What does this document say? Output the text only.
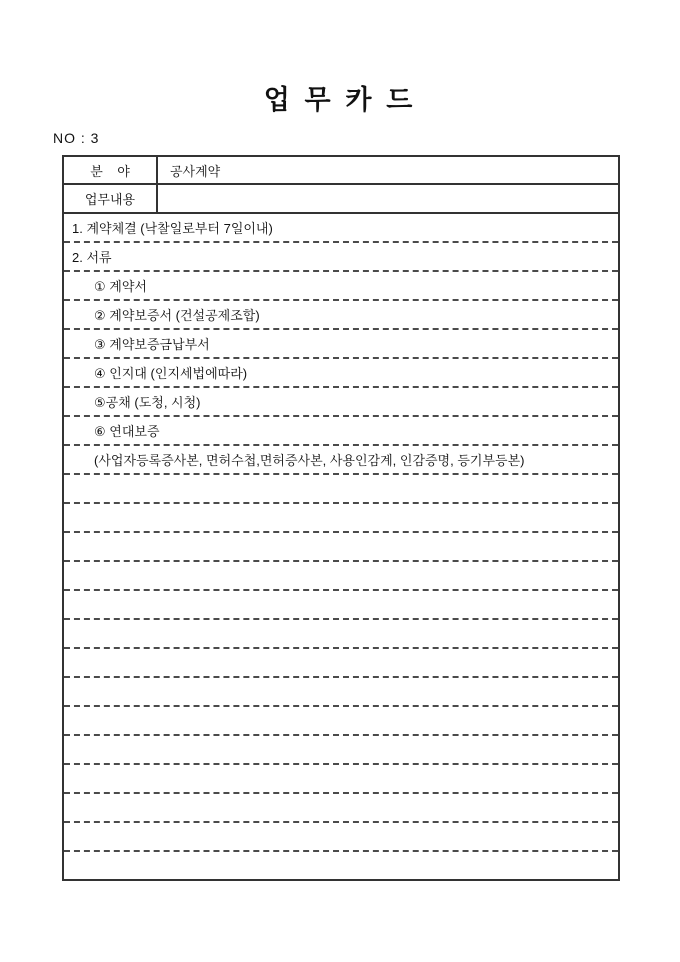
업 무 카 드
NO : 3
분    야	공사계약
업무내용
1. 계약체결 (낙찰일로부터 7일이내)
2. 서류
① 계약서
② 계약보증서 (건설공제조합)
③ 계약보증금납부서
④ 인지대 (인지세법에따라)
⑤공채 (도청, 시청)
⑥ 연대보증
(사업자등록증사본, 면허수첩,면허증사본, 사용인감계, 인감증명, 등기부등본)
